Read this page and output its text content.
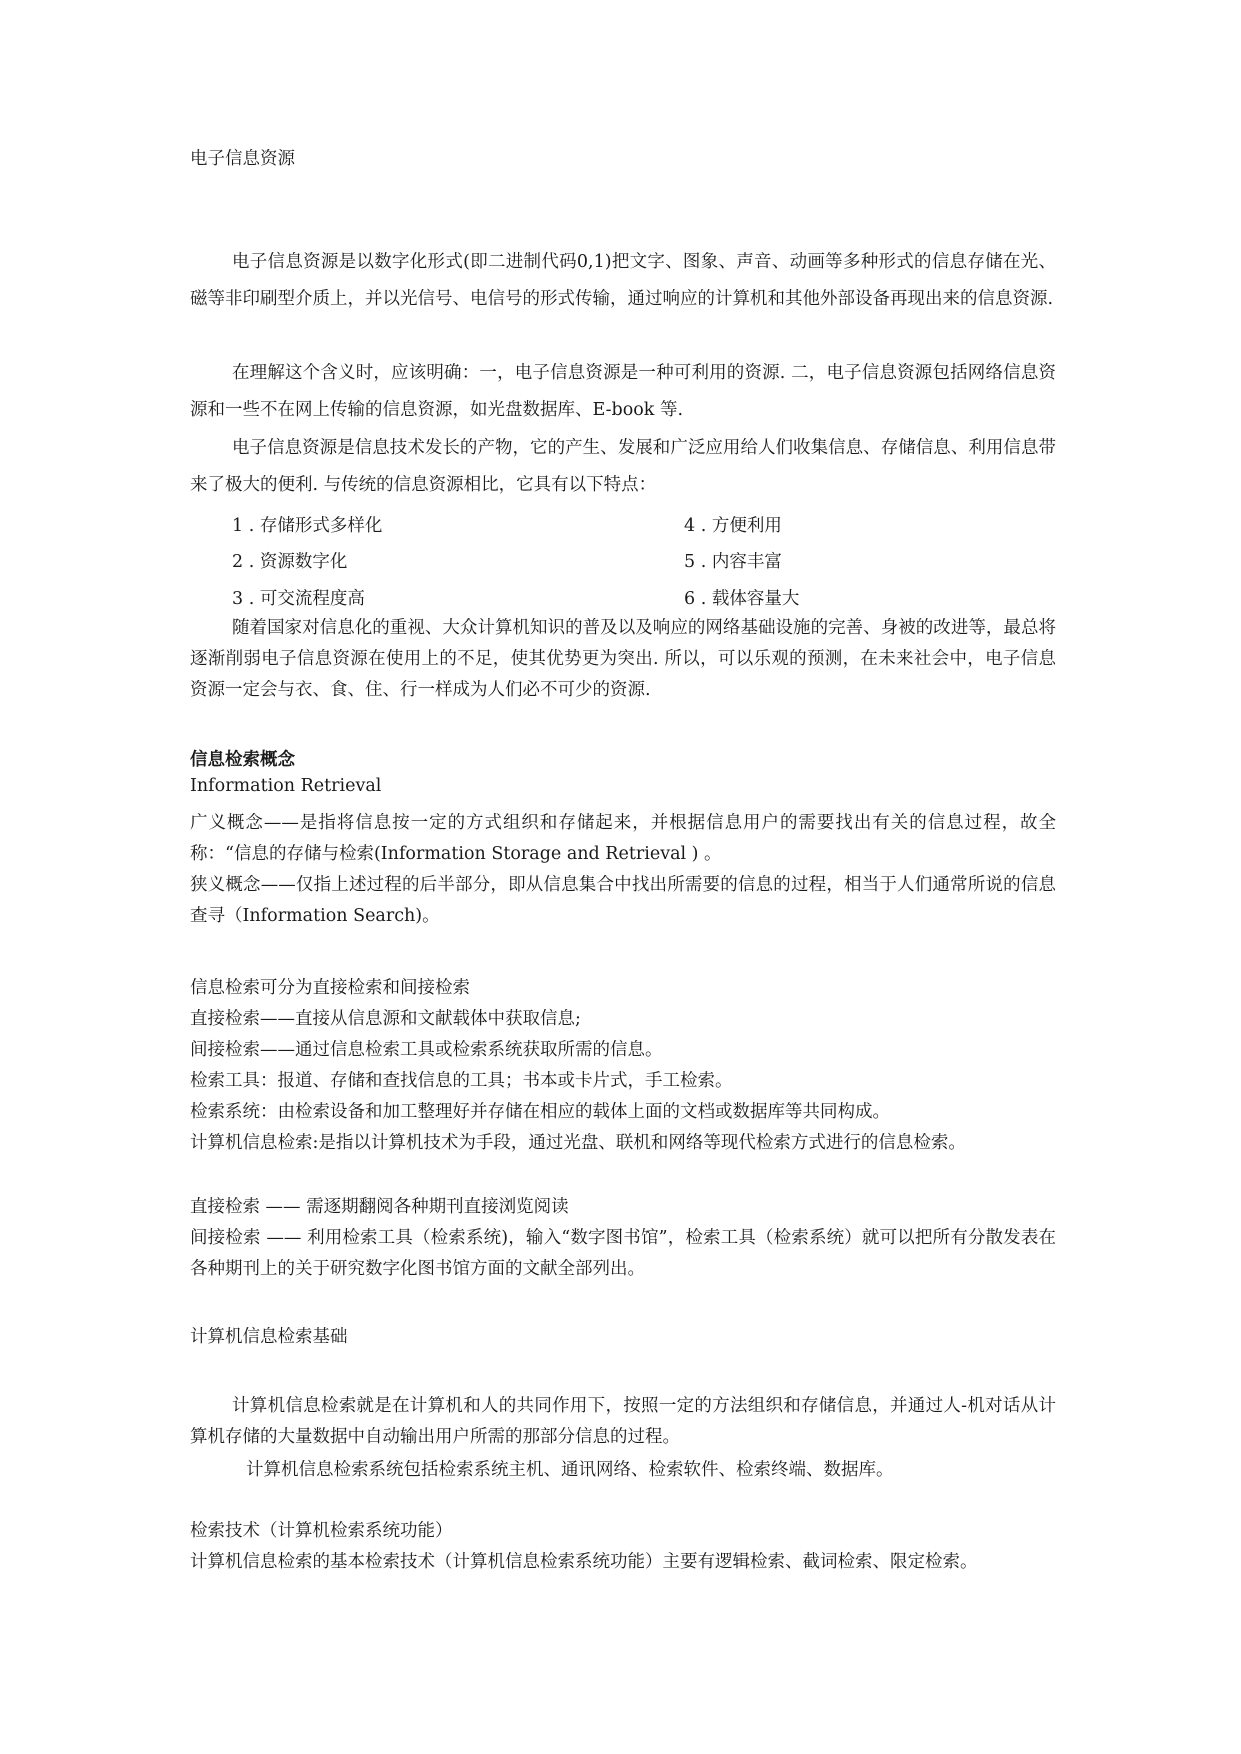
电子信息资源

电子信息资源是以数字化形式(即二进制代码0,1)把文字、图象、声音、动画等多种形式的信息存储在光、磁等非印刷型介质上，并以光信号、电信号的形式传输，通过响应的计算机和其他外部设备再现出来的信息资源.

在理解这个含义时，应该明确：一，电子信息资源是一种可利用的资源. 二，电子信息资源包括网络信息资源和一些不在网上传输的信息资源，如光盘数据库、E-book 等.

电子信息资源是信息技术发长的产物，它的产生、发展和广泛应用给人们收集信息、存储信息、利用信息带来了极大的便利. 与传统的信息资源相比，它具有以下特点：

1 . 存储形式多样化
2 . 资源数字化
3 . 可交流程度高
4 . 方便利用
5 . 内容丰富
6 . 载体容量大

随着国家对信息化的重视、大众计算机知识的普及以及响应的网络基础设施的完善、身被的改进等，最总将逐渐削弱电子信息资源在使用上的不足，使其优势更为突出. 所以，可以乐观的预测，在未来社会中，电子信息资源一定会与衣、食、住、行一样成为人们必不可少的资源.

信息检索概念

Information Retrieval

广义概念——是指将信息按一定的方式组织和存储起来，并根据信息用户的需要找出有关的信息过程，故全称：“信息的存储与检索(Information Storage and Retrieval ) 。

狭义概念——仅指上述过程的后半部分，即从信息集合中找出所需要的信息的过程，相当于人们通常所说的信息查寻（Information Search)。

信息检索可分为直接检索和间接检索

直接检索——直接从信息源和文献载体中获取信息;

间接检索——通过信息检索工具或检索系统获取所需的信息。

检索工具：报道、存储和查找信息的工具；书本或卡片式，手工检索。

检索系统：由检索设备和加工整理好并存储在相应的载体上面的文档或数据库等共同构成。

计算机信息检索:是指以计算机技术为手段，通过光盘、联机和网络等现代检索方式进行的信息检索。

直接检索 —— 需逐期翻阅各种期刊直接浏览阅读

间接检索 —— 利用检索工具（检索系统)，输入“数字图书馆”，检索工具（检索系统）就可以把所有分散发表在各种期刊上的关于研究数字化图书馆方面的文献全部列出。

计算机信息检索基础

计算机信息检索就是在计算机和人的共同作用下，按照一定的方法组织和存储信息，并通过人-机对话从计算机存储的大量数据中自动输出用户所需的那部分信息的过程。

计算机信息检索系统包括检索系统主机、通讯网络、检索软件、检索终端、数据库。

检索技术（计算机检索系统功能）

计算机信息检索的基本检索技术（计算机信息检索系统功能）主要有逻辑检索、截词检索、限定检索。
